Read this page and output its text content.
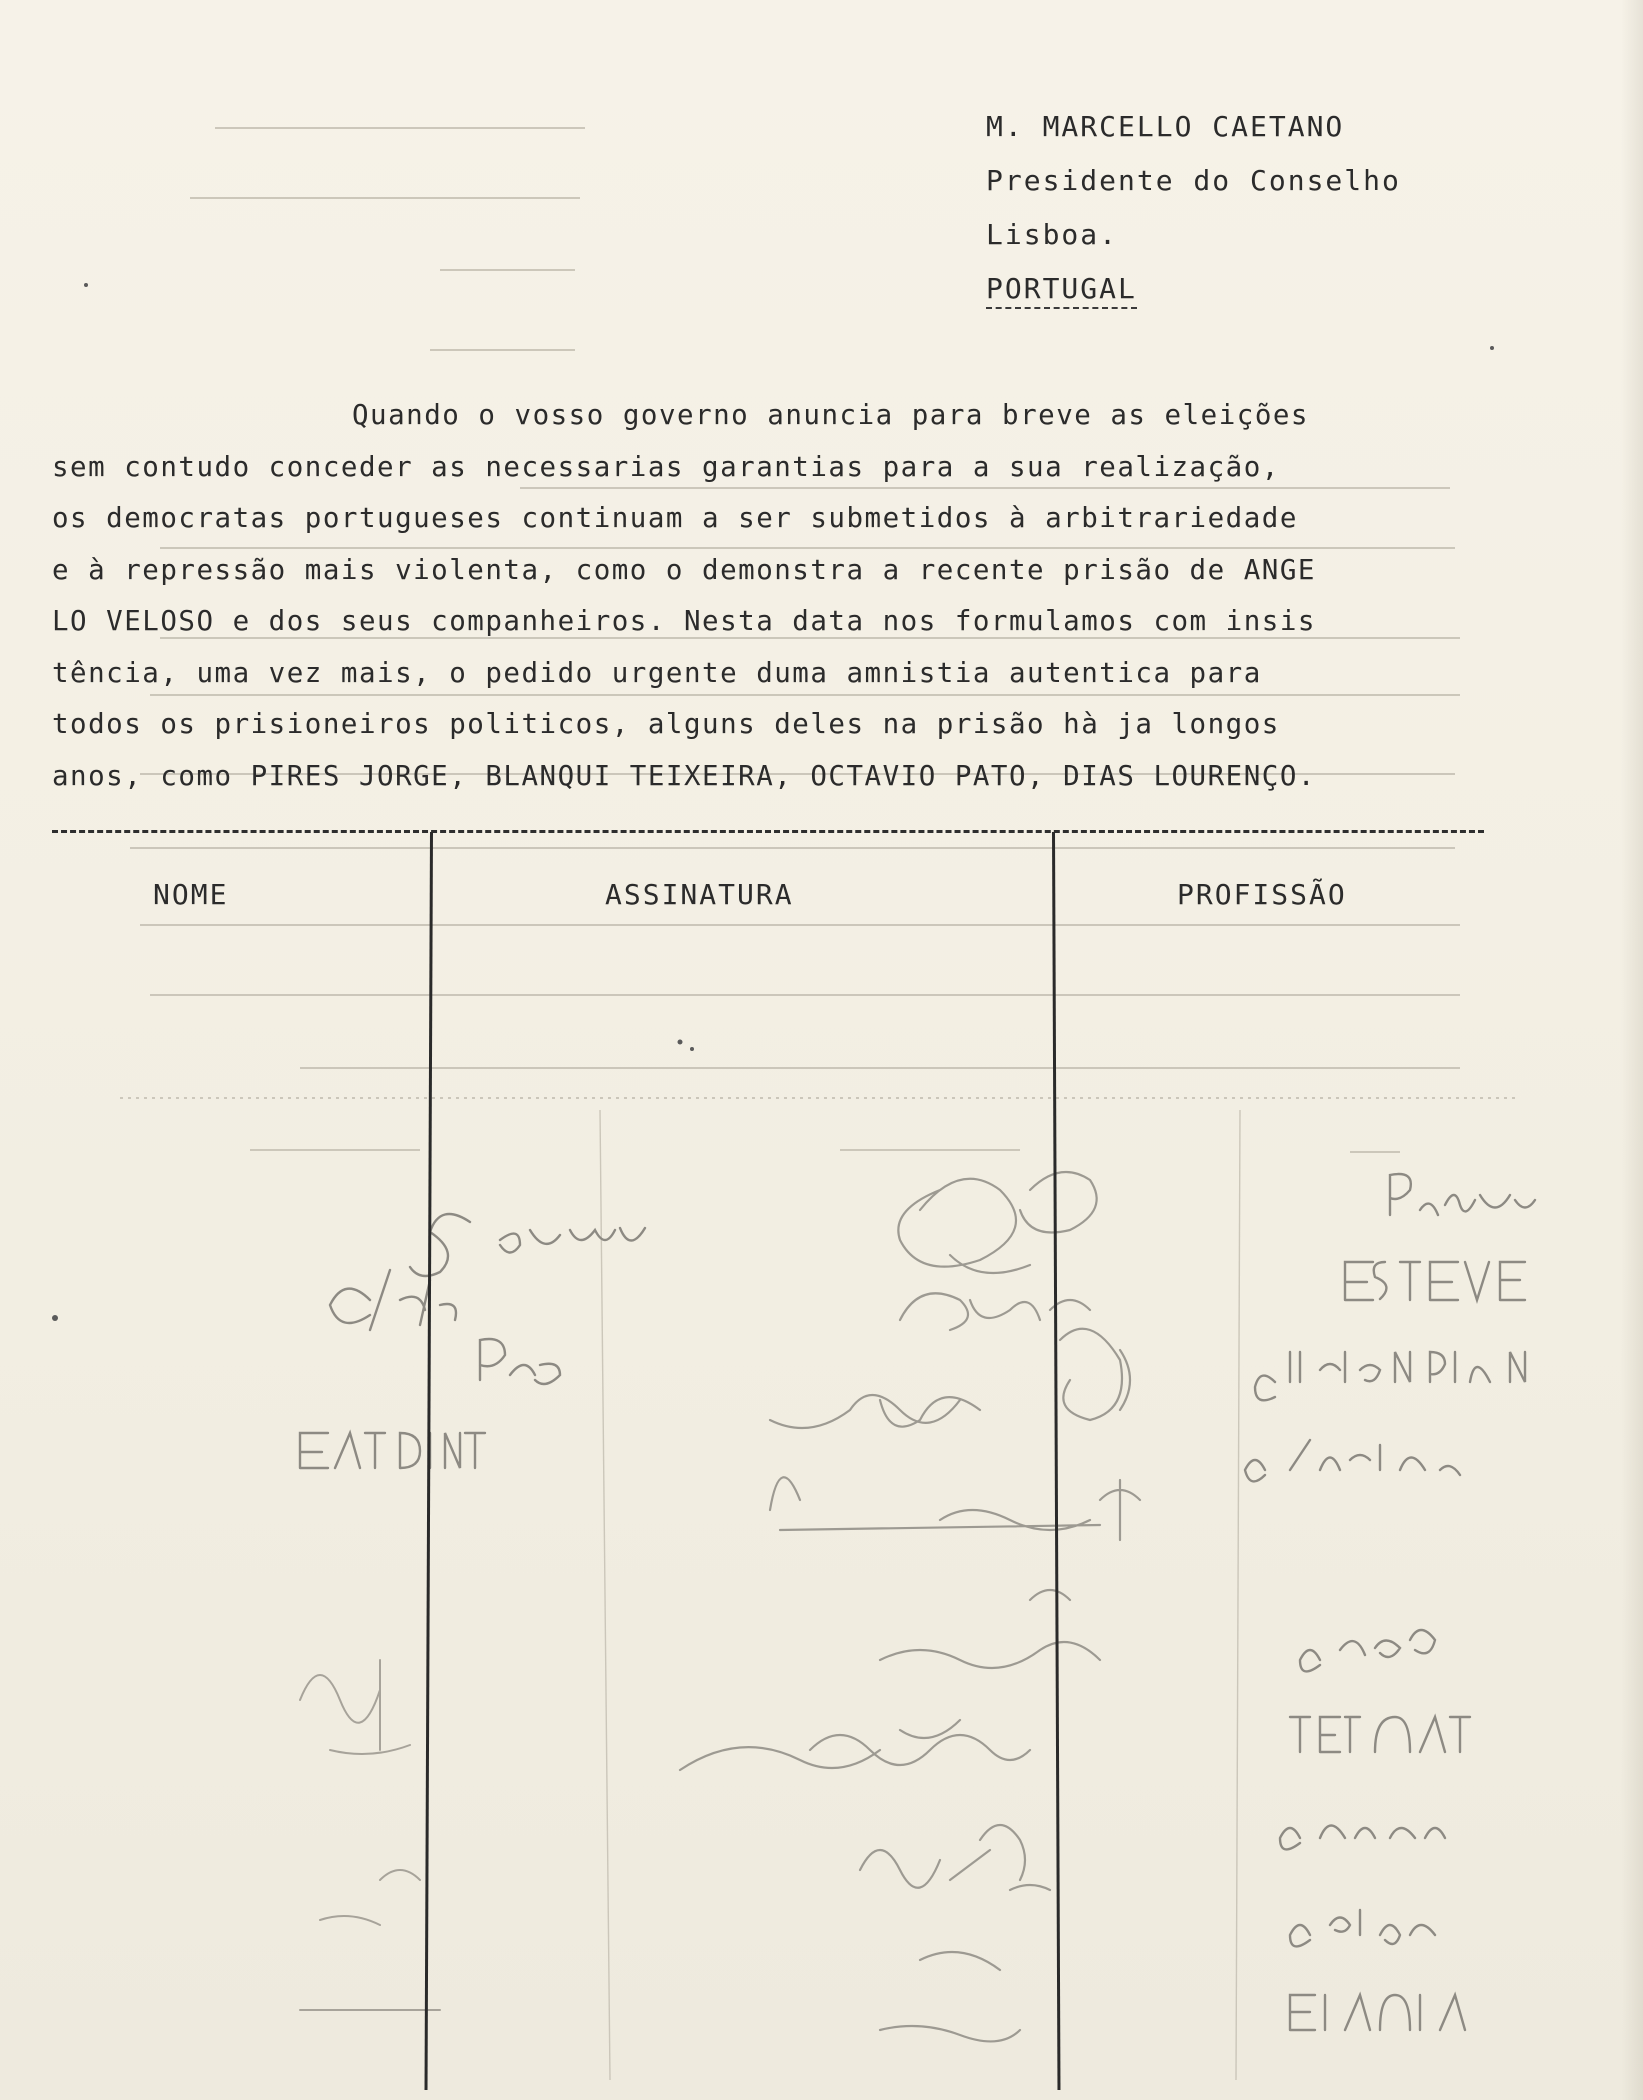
M. MARCELLO CAETANO
Presidente do Conselho
Lisboa.
PORTUGAL
Quando o vosso governo anuncia para breve as eleições
sem contudo conceder as necessarias garantias para a sua realização,
os democratas portugueses continuam a ser submetidos à arbitrariedade
e à repressão mais violenta, como o demonstra a recente prisão de ANGE
LO VELOSO e dos seus companheiros. Nesta data nos formulamos com insis
tência, uma vez mais, o pedido urgente duma amnistia autentica para
todos os prisioneiros politicos, alguns deles na prisão hà ja longos
anos, como PIRES JORGE, BLANQUI TEIXEIRA, OCTAVIO PATO, DIAS LOURENÇO.
NOME	ASSINATURA	PROFISSÃO
